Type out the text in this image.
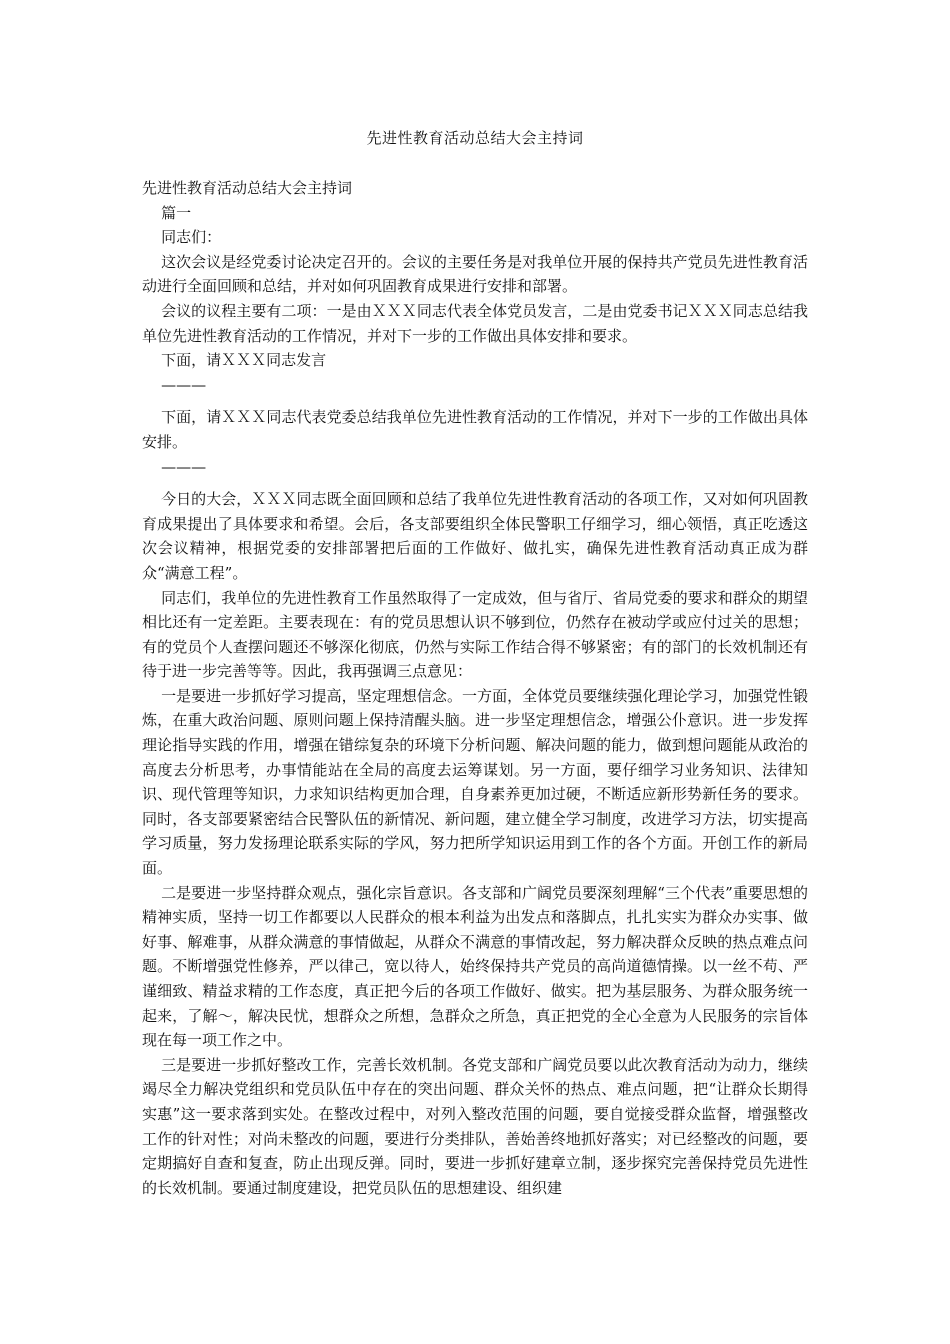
先进性教育活动总结大会主持词

先进性教育活动总结大会主持词

篇一

同志们：

这次会议是经党委讨论决定召开的。会议的主要任务是对我单位开展的保持共产党员先进性教育活动进行全面回顾和总结，并对如何巩固教育成果进行安排和部署。

会议的议程主要有二项：一是由ＸＸＸ同志代表全体党员发言，二是由党委书记ＸＸＸ同志总结我单位先进性教育活动的工作情况，并对下一步的工作做出具体安排和要求。

下面，请ＸＸＸ同志发言

———

下面，请ＸＸＸ同志代表党委总结我单位先进性教育活动的工作情况，并对下一步的工作做出具体安排。

———

今日的大会，ＸＸＸ同志既全面回顾和总结了我单位先进性教育活动的各项工作，又对如何巩固教育成果提出了具体要求和希望。会后，各支部要组织全体民警职工仔细学习，细心领悟，真正吃透这次会议精神，根据党委的安排部署把后面的工作做好、做扎实，确保先进性教育活动真正成为群众“满意工程”。

同志们，我单位的先进性教育工作虽然取得了一定成效，但与省厅、省局党委的要求和群众的期望相比还有一定差距。主要表现在：有的党员思想认识不够到位，仍然存在被动学或应付过关的思想；有的党员个人查摆问题还不够深化彻底，仍然与实际工作结合得不够紧密；有的部门的长效机制还有待于进一步完善等等。因此，我再强调三点意见：

一是要进一步抓好学习提高，坚定理想信念。一方面，全体党员要继续强化理论学习，加强党性锻炼，在重大政治问题、原则问题上保持清醒头脑。进一步坚定理想信念，增强公仆意识。进一步发挥理论指导实践的作用，增强在错综复杂的环境下分析问题、解决问题的能力，做到想问题能从政治的高度去分析思考，办事情能站在全局的高度去运筹谋划。另一方面，要仔细学习业务知识、法律知识、现代管理等知识，力求知识结构更加合理，自身素养更加过硬，不断适应新形势新任务的要求。同时，各支部要紧密结合民警队伍的新情况、新问题，建立健全学习制度，改进学习方法，切实提高学习质量，努力发扬理论联系实际的学风，努力把所学知识运用到工作的各个方面。开创工作的新局面。

二是要进一步坚持群众观点，强化宗旨意识。各支部和广阔党员要深刻理解“三个代表”重要思想的精神实质，坚持一切工作都要以人民群众的根本利益为出发点和落脚点，扎扎实实为群众办实事、做好事、解难事，从群众满意的事情做起，从群众不满意的事情改起，努力解决群众反映的热点难点问题。不断增强党性修养，严以律己，宽以待人，始终保持共产党员的高尚道德情操。以一丝不苟、严谨细致、精益求精的工作态度，真正把今后的各项工作做好、做实。把为基层服务、为群众服务统一起来，了解～，解决民忧，想群众之所想，急群众之所急，真正把党的全心全意为人民服务的宗旨体现在每一项工作之中。

三是要进一步抓好整改工作，完善长效机制。各党支部和广阔党员要以此次教育活动为动力，继续竭尽全力解决党组织和党员队伍中存在的突出问题、群众关怀的热点、难点问题，把“让群众长期得实惠”这一要求落到实处。在整改过程中，对列入整改范围的问题，要自觉接受群众监督，增强整改工作的针对性；对尚未整改的问题，要进行分类排队，善始善终地抓好落实；对已经整改的问题，要定期搞好自查和复查，防止出现反弹。同时，要进一步抓好建章立制，逐步探究完善保持党员先进性的长效机制。要通过制度建设，把党员队伍的思想建设、组织建
